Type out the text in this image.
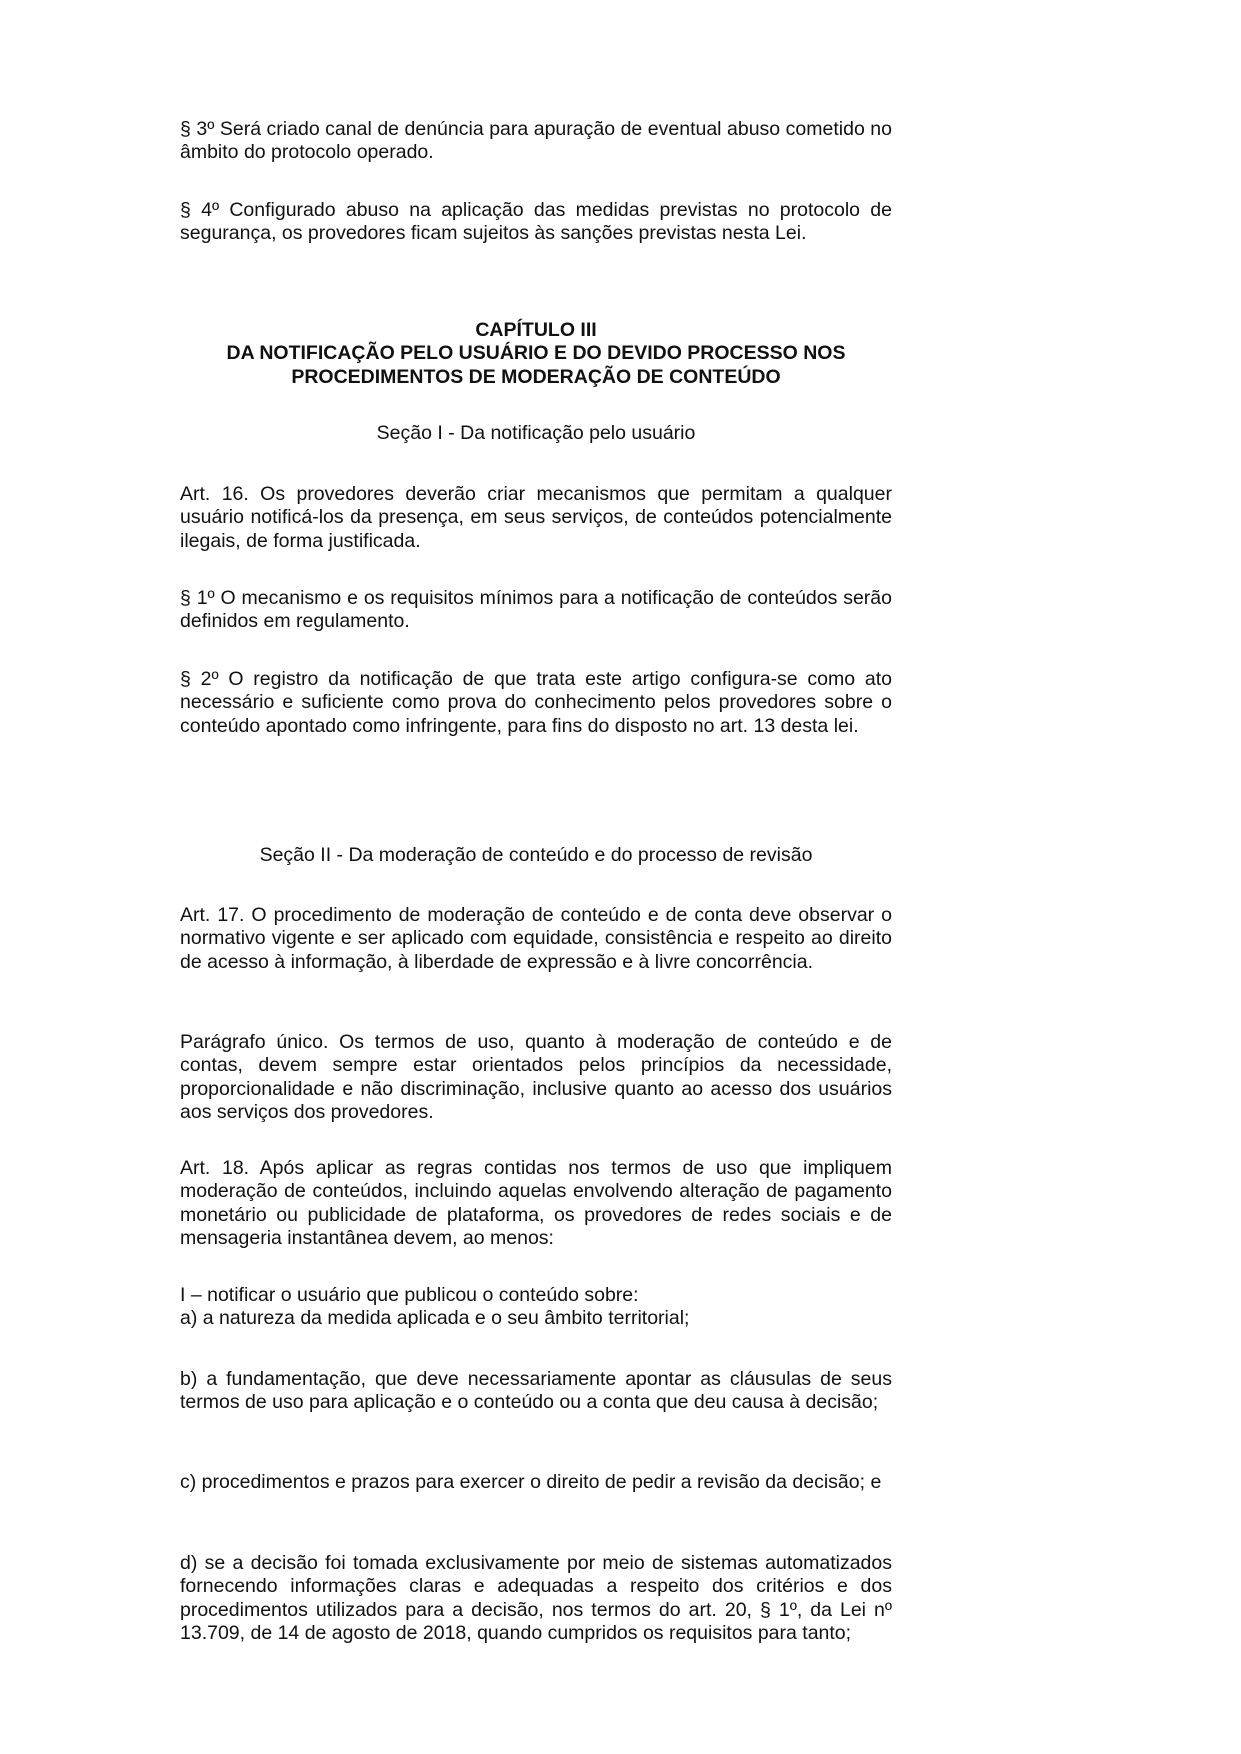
§ 3º Será criado canal de denúncia para apuração de eventual abuso cometido no âmbito do protocolo operado.

§ 4º Configurado abuso na aplicação das medidas previstas no protocolo de segurança, os provedores ficam sujeitos às sanções previstas nesta Lei.

CAPÍTULO III
DA NOTIFICAÇÃO PELO USUÁRIO E DO DEVIDO PROCESSO NOS
PROCEDIMENTOS DE MODERAÇÃO DE CONTEÚDO

Seção I - Da notificação pelo usuário

Art. 16. Os provedores deverão criar mecanismos que permitam a qualquer usuário notificá-los da presença, em seus serviços, de conteúdos potencialmente ilegais, de forma justificada.

§ 1º O mecanismo e os requisitos mínimos para a notificação de conteúdos serão definidos em regulamento.

§ 2º O registro da notificação de que trata este artigo configura-se como ato necessário e suficiente como prova do conhecimento pelos provedores sobre o conteúdo apontado como infringente, para fins do disposto no art. 13 desta lei.

Seção II - Da moderação de conteúdo e do processo de revisão

Art. 17. O procedimento de moderação de conteúdo e de conta deve observar o normativo vigente e ser aplicado com equidade, consistência e respeito ao direito de acesso à informação, à liberdade de expressão e à livre concorrência.

Parágrafo único. Os termos de uso, quanto à moderação de conteúdo e de contas, devem sempre estar orientados pelos princípios da necessidade, proporcionalidade e não discriminação, inclusive quanto ao acesso dos usuários aos serviços dos provedores.

Art. 18. Após aplicar as regras contidas nos termos de uso que impliquem moderação de conteúdos, incluindo aquelas envolvendo alteração de pagamento monetário ou publicidade de plataforma, os provedores de redes sociais e de mensageria instantânea devem, ao menos:

I – notificar o usuário que publicou o conteúdo sobre:

a) a natureza da medida aplicada e o seu âmbito territorial;

b) a fundamentação, que deve necessariamente apontar as cláusulas de seus termos de uso para aplicação e o conteúdo ou a conta que deu causa à decisão;

c) procedimentos e prazos para exercer o direito de pedir a revisão da decisão; e

d) se a decisão foi tomada exclusivamente por meio de sistemas automatizados fornecendo informações claras e adequadas a respeito dos critérios e dos procedimentos utilizados para a decisão, nos termos do art. 20, § 1º, da Lei nº 13.709, de 14 de agosto de 2018, quando cumpridos os requisitos para tanto;
